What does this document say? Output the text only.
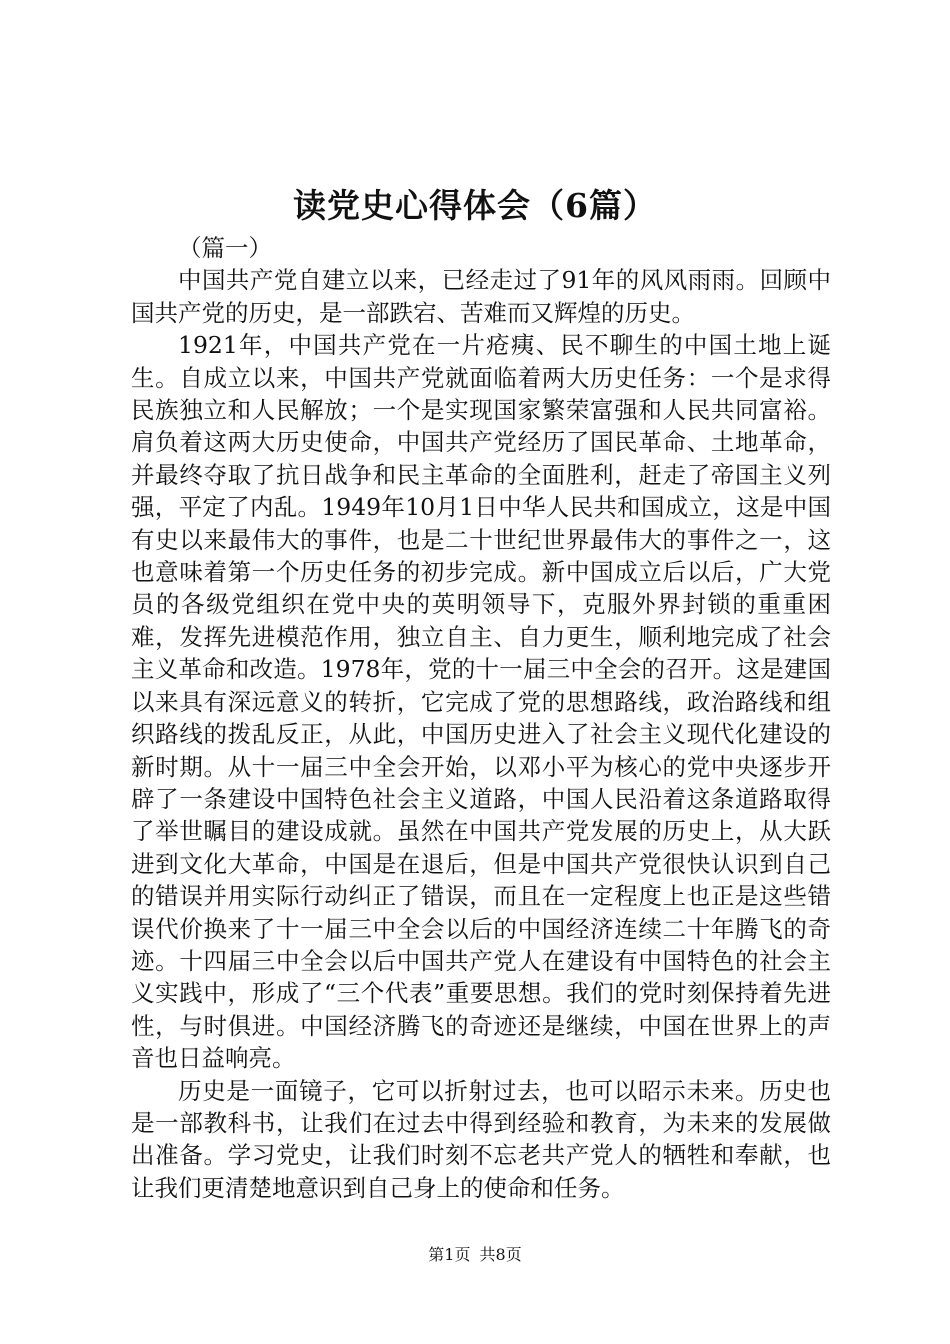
读党史心得体会（6篇）

（篇一）

中国共产党自建立以来，已经走过了91年的风风雨雨。回顾中国共产党的历史，是一部跌宕、苦难而又辉煌的历史。

1921年，中国共产党在一片疮痍、民不聊生的中国土地上诞生。自成立以来，中国共产党就面临着两大历史任务：一个是求得民族独立和人民解放；一个是实现国家繁荣富强和人民共同富裕。肩负着这两大历史使命，中国共产党经历了国民革命、土地革命，并最终夺取了抗日战争和民主革命的全面胜利，赶走了帝国主义列强，平定了内乱。1949年10月1日中华人民共和国成立，这是中国有史以来最伟大的事件，也是二十世纪世界最伟大的事件之一，这也意味着第一个历史任务的初步完成。新中国成立后以后，广大党员的各级党组织在党中央的英明领导下，克服外界封锁的重重困难，发挥先进模范作用，独立自主、自力更生，顺利地完成了社会主义革命和改造。1978年，党的十一届三中全会的召开。这是建国以来具有深远意义的转折，它完成了党的思想路线，政治路线和组织路线的拨乱反正，从此，中国历史进入了社会主义现代化建设的新时期。从十一届三中全会开始，以邓小平为核心的党中央逐步开辟了一条建设中国特色社会主义道路，中国人民沿着这条道路取得了举世瞩目的建设成就。虽然在中国共产党发展的历史上，从大跃进到文化大革命，中国是在退后，但是中国共产党很快认识到自己的错误并用实际行动纠正了错误，而且在一定程度上也正是这些错误代价换来了十一届三中全会以后的中国经济连续二十年腾飞的奇迹。十四届三中全会以后中国共产党人在建设有中国特色的社会主义实践中，形成了“三个代表”重要思想。我们的党时刻保持着先进性，与时俱进。中国经济腾飞的奇迹还是继续，中国在世界上的声音也日益响亮。

历史是一面镜子，它可以折射过去，也可以昭示未来。历史也是一部教科书，让我们在过去中得到经验和教育，为未来的发展做出准备。学习党史，让我们时刻不忘老共产党人的牺牲和奉献，也让我们更清楚地意识到自己身上的使命和任务。

第1页 共8页
